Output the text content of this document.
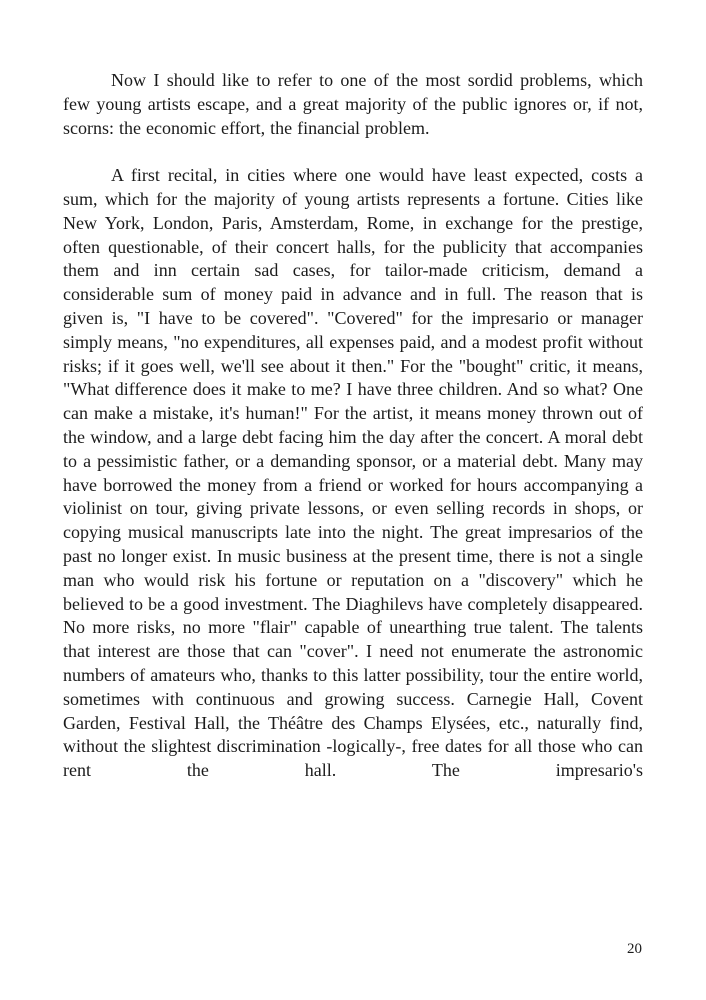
Now I should like to refer to one of the most sordid problems, which few young artists escape, and a great majority of the public ignores or, if not, scorns: the economic effort, the financial problem.

A first recital, in cities where one would have least expected, costs a sum, which for the majority of young artists represents a fortune. Cities like New York, London, Paris, Amsterdam, Rome, in exchange for the prestige, often questionable, of their concert halls, for the publicity that accompanies them and inn certain sad cases, for tailor-made criticism, demand a considerable sum of money paid in advance and in full. The reason that is given is, "I have to be covered". "Covered" for the impresario or manager simply means, "no expenditures, all expenses paid, and a modest profit without risks; if it goes well, we'll see about it then." For the "bought" critic, it means, "What difference does it make to me? I have three children. And so what? One can make a mistake, it's human!" For the artist, it means money thrown out of the window, and a large debt facing him the day after the concert. A moral debt to a pessimistic father, or a demanding sponsor, or a material debt. Many may have borrowed the money from a friend or worked for hours accompanying a violinist on tour, giving private lessons, or even selling records in shops, or copying musical manuscripts late into the night. The great impresarios of the past no longer exist. In music business at the present time, there is not a single man who would risk his fortune or reputation on a "discovery" which he believed to be a good investment. The Diaghilevs have completely disappeared. No more risks, no more "flair" capable of unearthing true talent. The talents that interest are those that can "cover". I need not enumerate the astronomic numbers of amateurs who, thanks to this latter possibility, tour the entire world, sometimes with continuous and growing success. Carnegie Hall, Covent Garden, Festival Hall, the Théâtre des Champs Elysées, etc., naturally find, without the slightest discrimination -logically-, free dates for all those who can rent the hall. The impresario's

20
